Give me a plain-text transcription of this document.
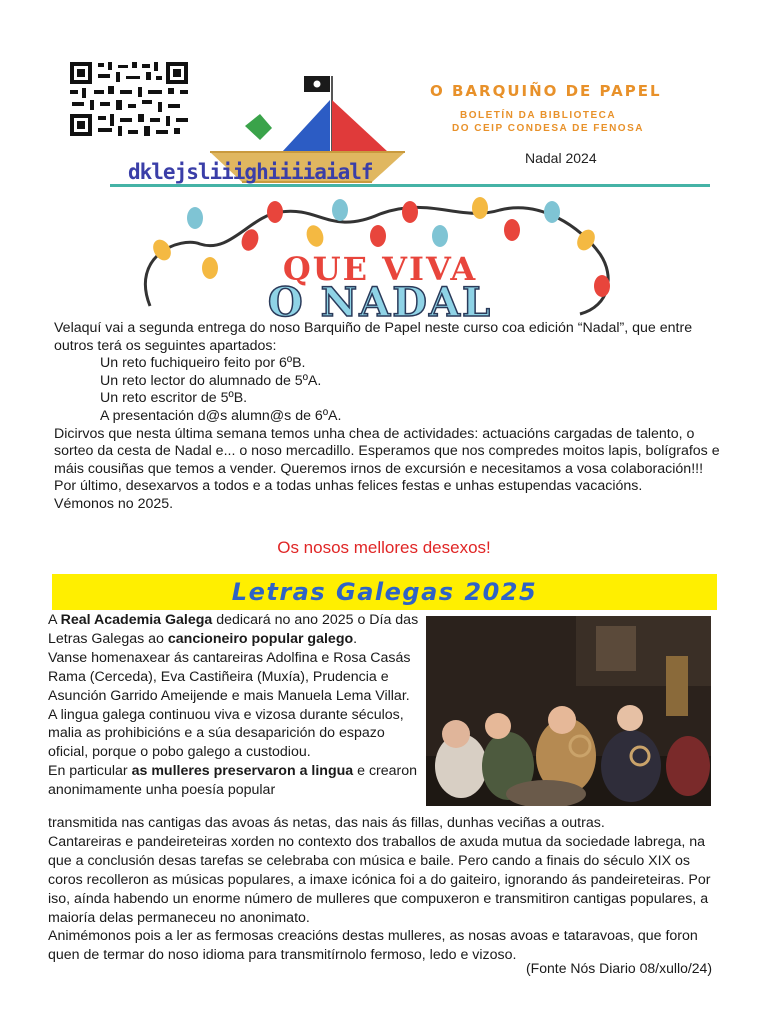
O BARQUIÑO DE PAPEL
BOLETÍN DA BIBLIOTECA
DO CEIP CONDESA DE FENOSA
dklejsliiighiiiiaialf
Nadal 2024
QUE VIVA
O NADAL

Velaquí vai a segunda entrega do noso Barquiño de Papel neste curso coa edición “Nadal”, que entre outros terá os seguintes apartados:

Un reto fuchiqueiro feito por 6ºB.

Un reto lector do alumnado de 5ºA.

Un reto escritor de 5ºB.

A presentación d@s alumn@s de 6ºA.

Dicirvos que nesta última semana temos unha chea de actividades: actuacións cargadas de talento, o sorteo da cesta de Nadal e... o noso mercadillo. Esperamos que nos compredes moitos lapis, bolígrafos e máis cousiñas que temos a vender. Queremos irnos de excursión e necesitamos a vosa colaboración!!!

Por último, desexarvos a todos e a todas unhas felices festas e unhas estupendas vacacións.

Vémonos no 2025.

Os nosos mellores desexos!
Letras Galegas 2025

A Real Academia Galega dedicará no ano 2025 o Día das Letras Galegas ao cancioneiro popular galego.

Vanse homenaxear ás cantareiras Adolfina e Rosa Casás Rama (Cerceda), Eva Castiñeira (Muxía), Prudencia e Asunción Garrido Ameijende e mais Manuela Lema Villar.

A lingua galega continuou viva e vizosa durante séculos, malia as prohibicións e a súa desaparición do espazo oficial, porque o pobo galego a custodiou.

En particular as mulleres preservaron a lingua e crearon anonimamente unha poesía popular

transmitida nas cantigas das avoas ás netas, das nais ás fillas, dunhas veciñas a outras.

Cantareiras e pandeireteiras xorden no contexto dos traballos de axuda mutua da sociedade labrega, na que a conclusión desas tarefas se celebraba con música e baile. Pero cando a finais do século XIX os coros recolleron as músicas populares, a imaxe icónica foi a do gaiteiro, ignorando ás pandeireteiras. Por iso, aínda habendo un enorme número de mulleres que compuxeron e transmitiron cantigas populares, a maioría delas permaneceu no anonimato.

Animémonos pois a ler as fermosas creacións destas mulleres, as nosas avoas e tataravoas, que foron quen de termar do noso idioma para transmitírnolo fermoso, ledo e vizoso.

(Fonte Nós Diario 08/xullo/24)
